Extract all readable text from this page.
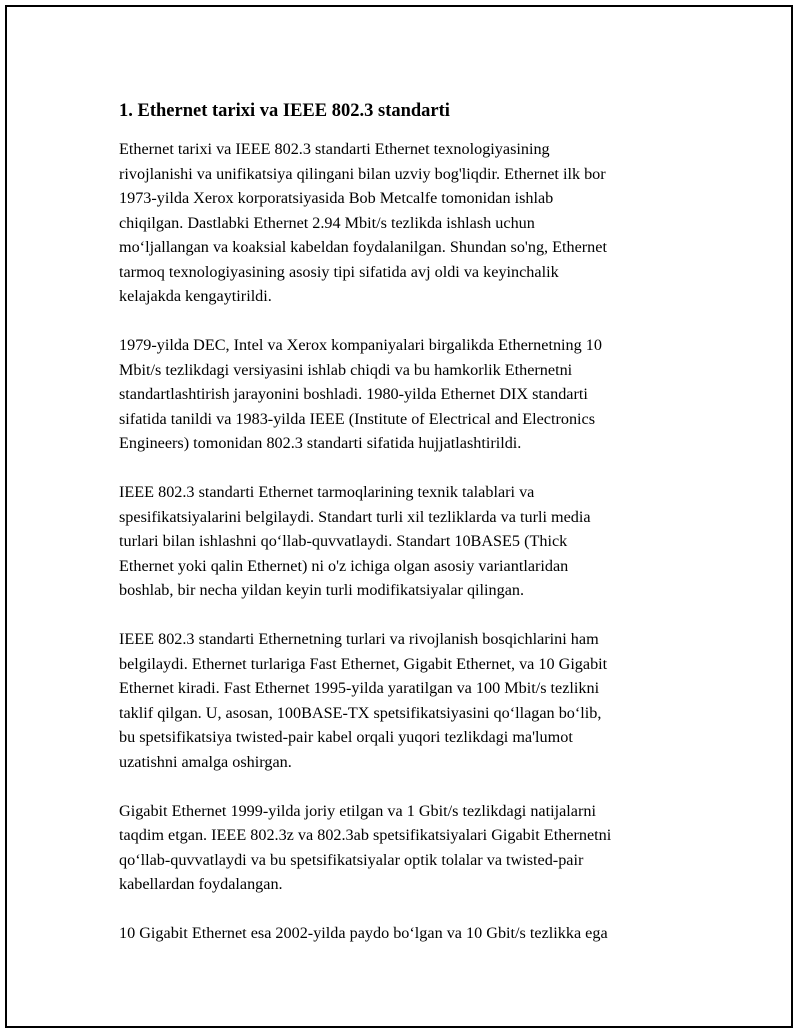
1. Ethernet tarixi va IEEE 802.3 standarti

Ethernet tarixi va IEEE 802.3 standarti Ethernet texnologiyasining
rivojlanishi va unifikatsiya qilingani bilan uzviy bog'liqdir. Ethernet ilk bor
1973-yilda Xerox korporatsiyasida Bob Metcalfe tomonidan ishlab
chiqilgan. Dastlabki Ethernet 2.94 Mbit/s tezlikda ishlash uchun
moʻljallangan va koaksial kabeldan foydalanilgan. Shundan so'ng, Ethernet
tarmoq texnologiyasining asosiy tipi sifatida avj oldi va keyinchalik
kelajakda kengaytirildi.

1979-yilda DEC, Intel va Xerox kompaniyalari birgalikda Ethernetning 10
Mbit/s tezlikdagi versiyasini ishlab chiqdi va bu hamkorlik Ethernetni
standartlashtirish jarayonini boshladi. 1980-yilda Ethernet DIX standarti
sifatida tanildi va 1983-yilda IEEE (Institute of Electrical and Electronics
Engineers) tomonidan 802.3 standarti sifatida hujjatlashtirildi.

IEEE 802.3 standarti Ethernet tarmoqlarining texnik talablari va
spesifikatsiyalarini belgilaydi. Standart turli xil tezliklarda va turli media
turlari bilan ishlashni qoʻllab-quvvatlaydi. Standart 10BASE5 (Thick
Ethernet yoki qalin Ethernet) ni o'z ichiga olgan asosiy variantlaridan
boshlab, bir necha yildan keyin turli modifikatsiyalar qilingan.

IEEE 802.3 standarti Ethernetning turlari va rivojlanish bosqichlarini ham
belgilaydi. Ethernet turlariga Fast Ethernet, Gigabit Ethernet, va 10 Gigabit
Ethernet kiradi. Fast Ethernet 1995-yilda yaratilgan va 100 Mbit/s tezlikni
taklif qilgan. U, asosan, 100BASE-TX spetsifikatsiyasini qoʻllagan boʻlib,
bu spetsifikatsiya twisted-pair kabel orqali yuqori tezlikdagi ma'lumot
uzatishni amalga oshirgan.

Gigabit Ethernet 1999-yilda joriy etilgan va 1 Gbit/s tezlikdagi natijalarni
taqdim etgan. IEEE 802.3z va 802.3ab spetsifikatsiyalari Gigabit Ethernetni
qoʻllab-quvvatlaydi va bu spetsifikatsiyalar optik tolalar va twisted-pair
kabellardan foydalangan.

10 Gigabit Ethernet esa 2002-yilda paydo boʻlgan va 10 Gbit/s tezlikka ega
